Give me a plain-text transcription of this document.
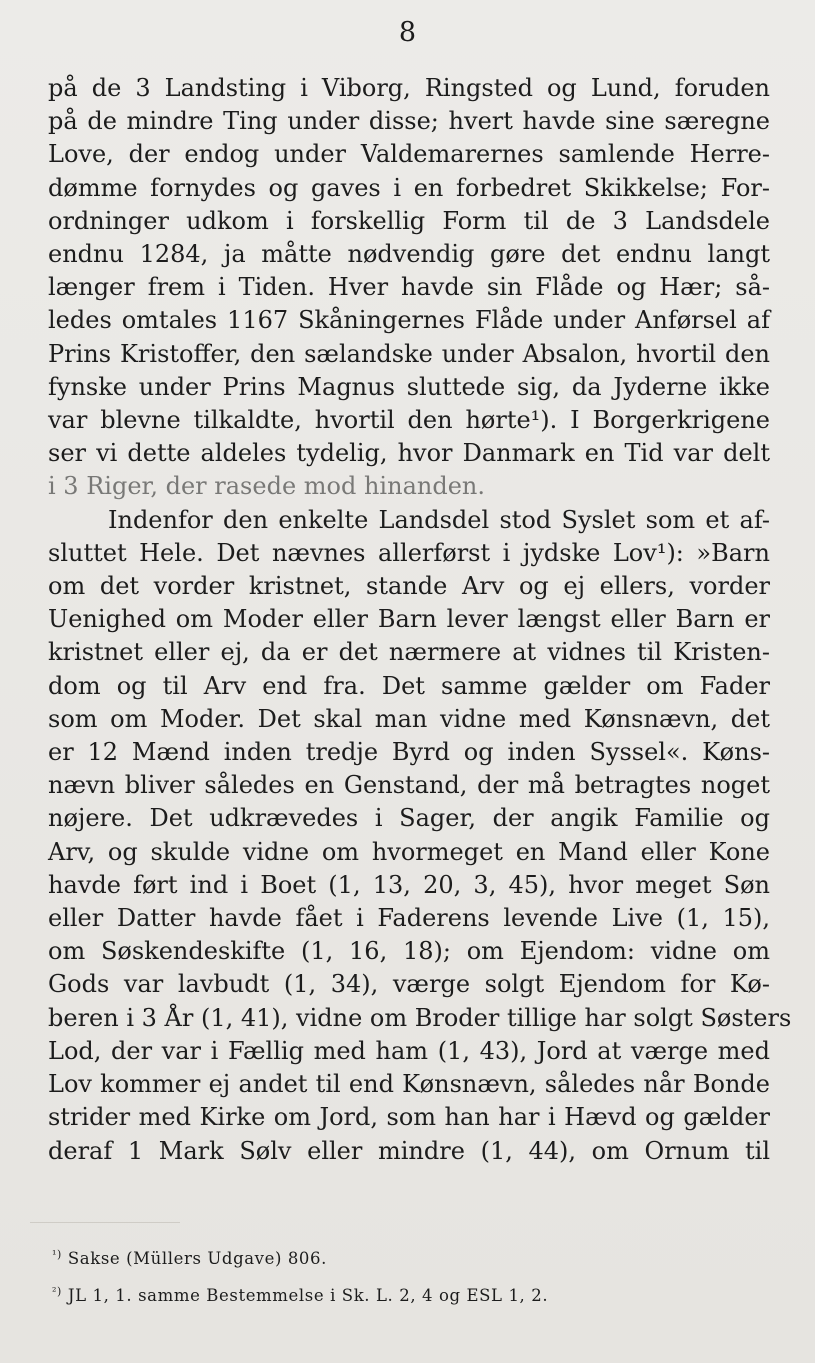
8
på de 3 Landsting i Viborg, Ringsted og Lund, foruden
på de mindre Ting under disse; hvert havde sine særegne
Love, der endog under Valdemarernes samlende Herre-
dømme fornydes og gaves i en forbedret Skikkelse; For-
ordninger udkom i forskellig Form til de 3 Landsdele
endnu 1284, ja måtte nødvendig gøre det endnu langt
længer frem i Tiden. Hver havde sin Flåde og Hær; så-
ledes omtales 1167 Skåningernes Flåde under Anførsel af
Prins Kristoffer, den sælandske under Absalon, hvortil den
fynske under Prins Magnus sluttede sig, da Jyderne ikke
var blevne tilkaldte, hvortil den hørte¹). I Borgerkrigene
ser vi dette aldeles tydelig, hvor Danmark en Tid var delt
i 3 Riger, der rasede mod hinanden.
Indenfor den enkelte Landsdel stod Syslet som et af-
sluttet Hele. Det nævnes allerførst i jydske Lov¹): »Barn
om det vorder kristnet, stande Arv og ej ellers, vorder
Uenighed om Moder eller Barn lever længst eller Barn er
kristnet eller ej, da er det nærmere at vidnes til Kristen-
dom og til Arv end fra. Det samme gælder om Fader
som om Moder. Det skal man vidne med Kønsnævn, det
er 12 Mænd inden tredje Byrd og inden Syssel«. Køns-
nævn bliver således en Genstand, der må betragtes noget
nøjere. Det udkrævedes i Sager, der angik Familie og
Arv, og skulde vidne om hvormeget en Mand eller Kone
havde ført ind i Boet (1, 13, 20, 3, 45), hvor meget Søn
eller Datter havde fået i Faderens levende Live (1, 15),
om Søskendeskifte (1, 16, 18); om Ejendom: vidne om
Gods var lavbudt (1, 34), værge solgt Ejendom for Kø-
beren i 3 År (1, 41), vidne om Broder tillige har solgt Søsters
Lod, der var i Fællig med ham (1, 43), Jord at værge med
Lov kommer ej andet til end Kønsnævn, således når Bonde
strider med Kirke om Jord, som han har i Hævd og gælder
deraf 1 Mark Sølv eller mindre (1, 44), om Ornum til
$^{^1)}$ Sakse (Müllers Udgave) 806.
$^{^2)}$ JL 1, 1. samme Bestemmelse i Sk. L. 2, 4 og ESL 1, 2.
